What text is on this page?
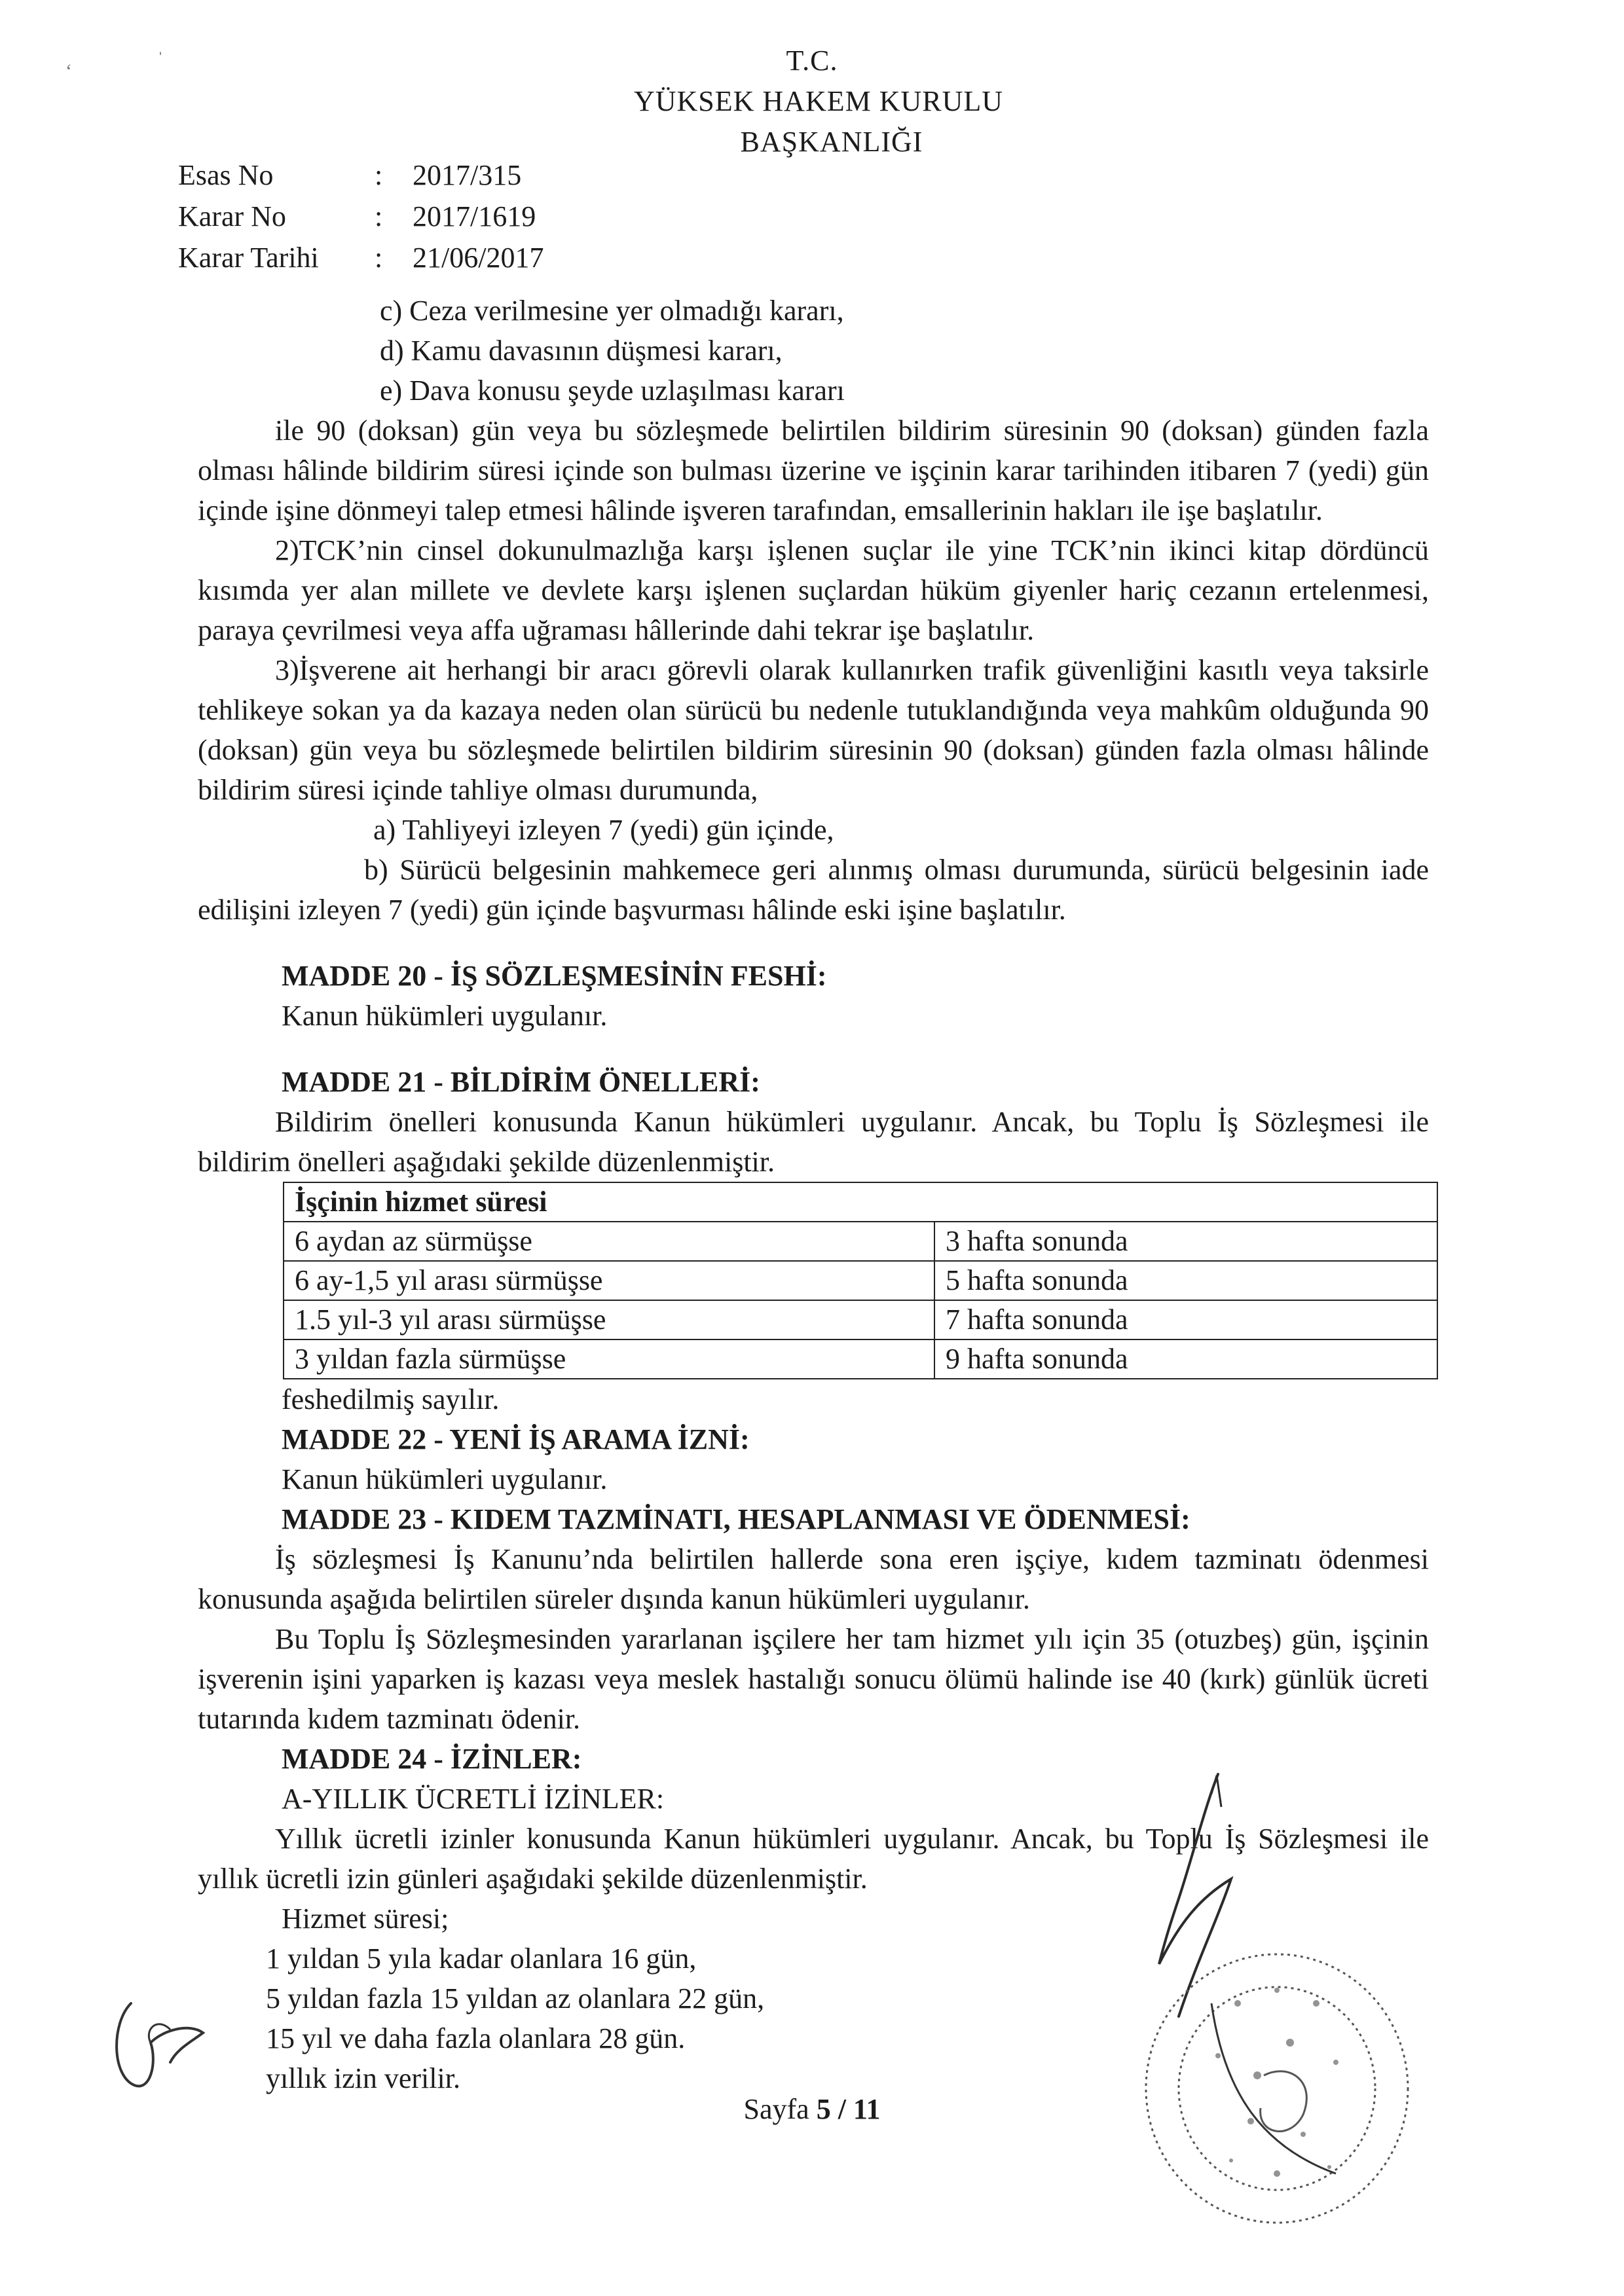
ʻ
ˈ	T.C.
YÜKSEK HAKEM KURULU
BAŞKANLIĞI
Esas No	:	2017/315
Karar No	:	2017/1619
Karar Tarihi	:	21/06/2017
c) Ceza verilmesine yer olmadığı kararı,
d) Kamu davasının düşmesi kararı,
e) Dava konusu şeyde uzlaşılması kararı
ile 90 (doksan) gün veya bu sözleşmede belirtilen bildirim süresinin 90 (doksan) günden fazla olması hâlinde bildirim süresi içinde son bulması üzerine ve işçinin karar tarihinden itibaren 7 (yedi) gün içinde işine dönmeyi talep etmesi hâlinde işveren tarafından, emsallerinin hakları ile işe başlatılır.
2)TCK’nin cinsel dokunulmazlığa karşı işlenen suçlar ile yine TCK’nin ikinci kitap dördüncü kısımda yer alan millete ve devlete karşı işlenen suçlardan hüküm giyenler hariç cezanın ertelenmesi, paraya çevrilmesi veya affa uğraması hâllerinde dahi tekrar işe başlatılır.
3)İşverene ait herhangi bir aracı görevli olarak kullanırken trafik güvenliğini kasıtlı veya taksirle tehlikeye sokan ya da kazaya neden olan sürücü bu nedenle tutuklandığında veya mahkûm olduğunda 90 (doksan) gün veya bu sözleşmede belirtilen bildirim süresinin 90 (doksan) günden fazla olması hâlinde bildirim süresi içinde tahliye olması durumunda,
a) Tahliyeyi izleyen 7 (yedi) gün içinde,
b) Sürücü belgesinin mahkemece geri alınmış olması durumunda, sürücü belgesinin iade edilişini izleyen 7 (yedi) gün içinde başvurması hâlinde eski işine başlatılır.
MADDE 20 - İŞ SÖZLEŞMESİNİN FESHİ:
Kanun hükümleri uygulanır.
MADDE 21 - BİLDİRİM ÖNELLERİ:
Bildirim önelleri konusunda Kanun hükümleri uygulanır. Ancak, bu Toplu İş Sözleşmesi ile bildirim önelleri aşağıdaki şekilde düzenlenmiştir.
İşçinin hizmet süresi	
6 aydan az sürmüşse	3 hafta sonunda
6 ay-1,5 yıl arası sürmüşse	5 hafta sonunda
1.5 yıl-3 yıl arası sürmüşse	7 hafta sonunda
3 yıldan fazla sürmüşse	9 hafta sonunda
feshedilmiş sayılır.
MADDE 22 - YENİ İŞ ARAMA İZNİ:
Kanun hükümleri uygulanır.
MADDE 23 - KIDEM TAZMİNATI, HESAPLANMASI VE ÖDENMESİ:
İş sözleşmesi İş Kanunu’nda belirtilen hallerde sona eren işçiye, kıdem tazminatı ödenmesi konusunda aşağıda belirtilen süreler dışında kanun hükümleri uygulanır.
Bu Toplu İş Sözleşmesinden yararlanan işçilere her tam hizmet yılı için 35 (otuzbeş) gün, işçinin işverenin işini yaparken iş kazası veya meslek hastalığı sonucu ölümü halinde ise 40 (kırk) günlük ücreti tutarında kıdem tazminatı ödenir.
MADDE 24 - İZİNLER:
A-YILLIK ÜCRETLİ İZİNLER:
Yıllık ücretli izinler konusunda Kanun hükümleri uygulanır. Ancak, bu Toplu İş Sözleşmesi ile yıllık ücretli izin günleri aşağıdaki şekilde düzenlenmiştir.
Hizmet süresi;
1 yıldan 5 yıla kadar olanlara 16 gün,
5 yıldan fazla 15 yıldan az olanlara 22 gün,
15 yıl ve daha fazla olanlara 28 gün.
yıllık izin verilir.
Sayfa 5 / 11
